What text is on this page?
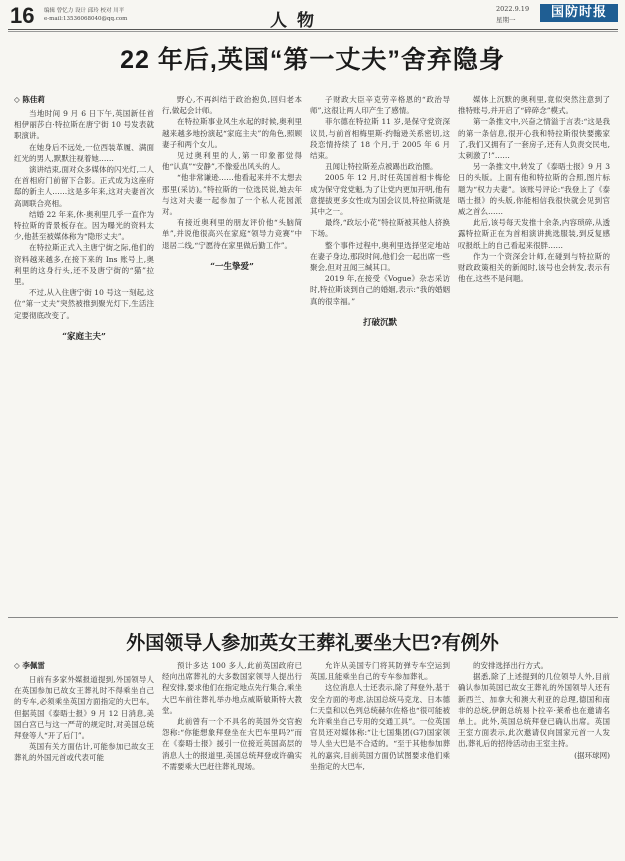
16 编辑 曾忆力 设计 邱玲 校对 川平
e-mail:13536068040@qq.com	人物
2022.9.19
星期一	国防时报
22 年后,英国“第一丈夫”舍弃隐身
◇ 陈佳莉

当地时间 9 月 6 日下午,英国新任首相伊丽莎白·特拉斯在唐宁街 10 号发表就职演讲。

在她身后不远处,一位西装革履、满面红光的男人,默默注视着她……

演讲结束,面对众多媒体的闪光灯,二人在首相府门前留下合影。正式成为这座府邸的新主人……这是多年来,这对夫妻首次高调联合亮相。

结婚 22 年来,休·奥利里几乎一直作为特拉斯的背景板存在。因为曝光的资料太少,他甚至被媒体称为“隐形丈夫”。

在特拉斯正式入主唐宁街之际,他们的资料越来越多,在接下来的 Ins 账号上,奥利里的这身行头,还不及唐宁街的“猫”拉里。

不过,从入住唐宁街 10 号这一刻起,这位“第一丈夫”突然被推到聚光灯下,生活注定要彻底改变了。

“家庭主夫”

野心,不再纠结于政治抱负,回归老本行,做起会计师。

在特拉斯事业风生水起的时候,奥利里越来越多地扮演起“家庭主夫”的角色,照顾妻子和两个女儿。

见过奥利里的人,第一印象都觉得他“认真”“安静”,不像爱出风头的人。

“他非常谦逊……他看起来并不太想去那里(采访)。”特拉斯的一位选民说,她去年与这对夫妻一起参加了一个私人花园派对。

有接近奥利里的朋友评价他“头脑简单”,并说他很高兴在家庭“领导力竞赛”中退居二线,“宁愿待在家里做后勤工作”。

“一生挚爱”

子财政大臣辛克劳辛格恩的“政治导师”,这很让两人印产生了感情。

菲尔德在特拉斯 11 岁,是保守党资深议员,与前首相梅里斯·约翰逊关系密切,这段恋情持续了 18 个月,于 2005 年 6 月结束。

丑闻让特拉斯差点被踢出政治圈。

2005 年 12 月,时任英国首相卡梅伦成为保守党党魁,为了让党内更加开明,他有意提拔更多女性成为国会议员,特拉斯就是其中之一。

最终,“政坛小花”特拉斯被其他人挤换下场。

整个事件过程中,奥利里选择坚定地站在妻子身边,那段时间,他们会一起出席一些聚会,但对丑闻三缄其口。

2019 年,在接受《Vogue》杂志采访时,特拉斯谈到自己的婚姻,表示:“我的婚姻真的很幸福。”

打破沉默

媒体上沉默的奥利里,竟似突然注意到了推特账号,并开启了“碎碎念”模式。

第一条推文中,兴奋之情溢于言表:“这是我的第一条信息,很开心我和特拉斯很快要搬家了,我们又拥有了一套房子,还有人负责交民电,太刺激了!”……

另一条推文中,转发了《泰晤士报》9 月 3 日的头版。上面有他和特拉斯的合照,图片标题为“权力夫妻”。该账号评论:“我登上了《泰晤士报》的头版,你能相信我很快就会见到官威之首么……

此后,该号每天发推十余条,内容琐碎,从透露特拉斯正在为首相演讲挑选服装,到反复感叹报纸上的自己看起来很胖……

作为一个资深会计师,在碰到与特拉斯的财政政策相关的新闻时,该号也会转发,表示有他在,这些不是问题。

外国领导人参加英女王葬礼要坐大巴?有例外
◇ 李佩雷

日前有多家外媒报道提到,外国领导人在英国参加已故女王葬礼时不得乘坐自己的专车,必须乘坐英国方面指定的大巴车。但据英国《泰晤士报》9 月 12 日消息,美国白宫已与这一严苛的规定时,对美国总统拜登等人“开了后门”。

英国有关方面估计,可能参加已故女王葬礼的外国元首或代表可能

预计多达 100 多人,此前英国政府已经向出席葬礼的大多数国家领导人提出行程安排,要求他们在指定地点先行集合,乘坐大巴车前往葬礼举办地点威斯敏斯特大教堂。

此前曾有一个不具名的英国外交官抱怨称:“你能想象拜登坐在大巴车里吗?”而在《泰晤士报》援引一位接近英国高层的消息人士的报道里,美国总统拜登或许确实不需要乘大巴赶往葬礼现场。

允许从美国专门将其防弹专车空运到英国,且能乘坐自己的专车参加葬礼。

这位消息人士还表示,除了拜登外,基于安全方面的考虑,法国总统马克龙、日本德仁天皇和以色列总统赫尔佐格也“很可能被允许乘坐自己专用的交通工具”。一位英国官员还对媒体称:“让七国集团(G7)国家领导人坐大巴是不合适的。“至于其他参加葬礼的嘉宾,目前英国方面仍试图要求他们乘坐指定的大巴车,

的安排选择出行方式。

据悉,除了上述提到的几位领导人外,目前确认参加英国已故女王葬礼的外国领导人还有新西兰、加拿大和澳大利亚的总理,德国和南非的总统,伊朗总统易卜拉辛·莱希也在邀请名单上。此外,英国总统拜登已确认出席。英国王室方面表示,此次邀请仅向国家元首一人发出,葬礼后的招待活动由王室主持。

(据环球网)
